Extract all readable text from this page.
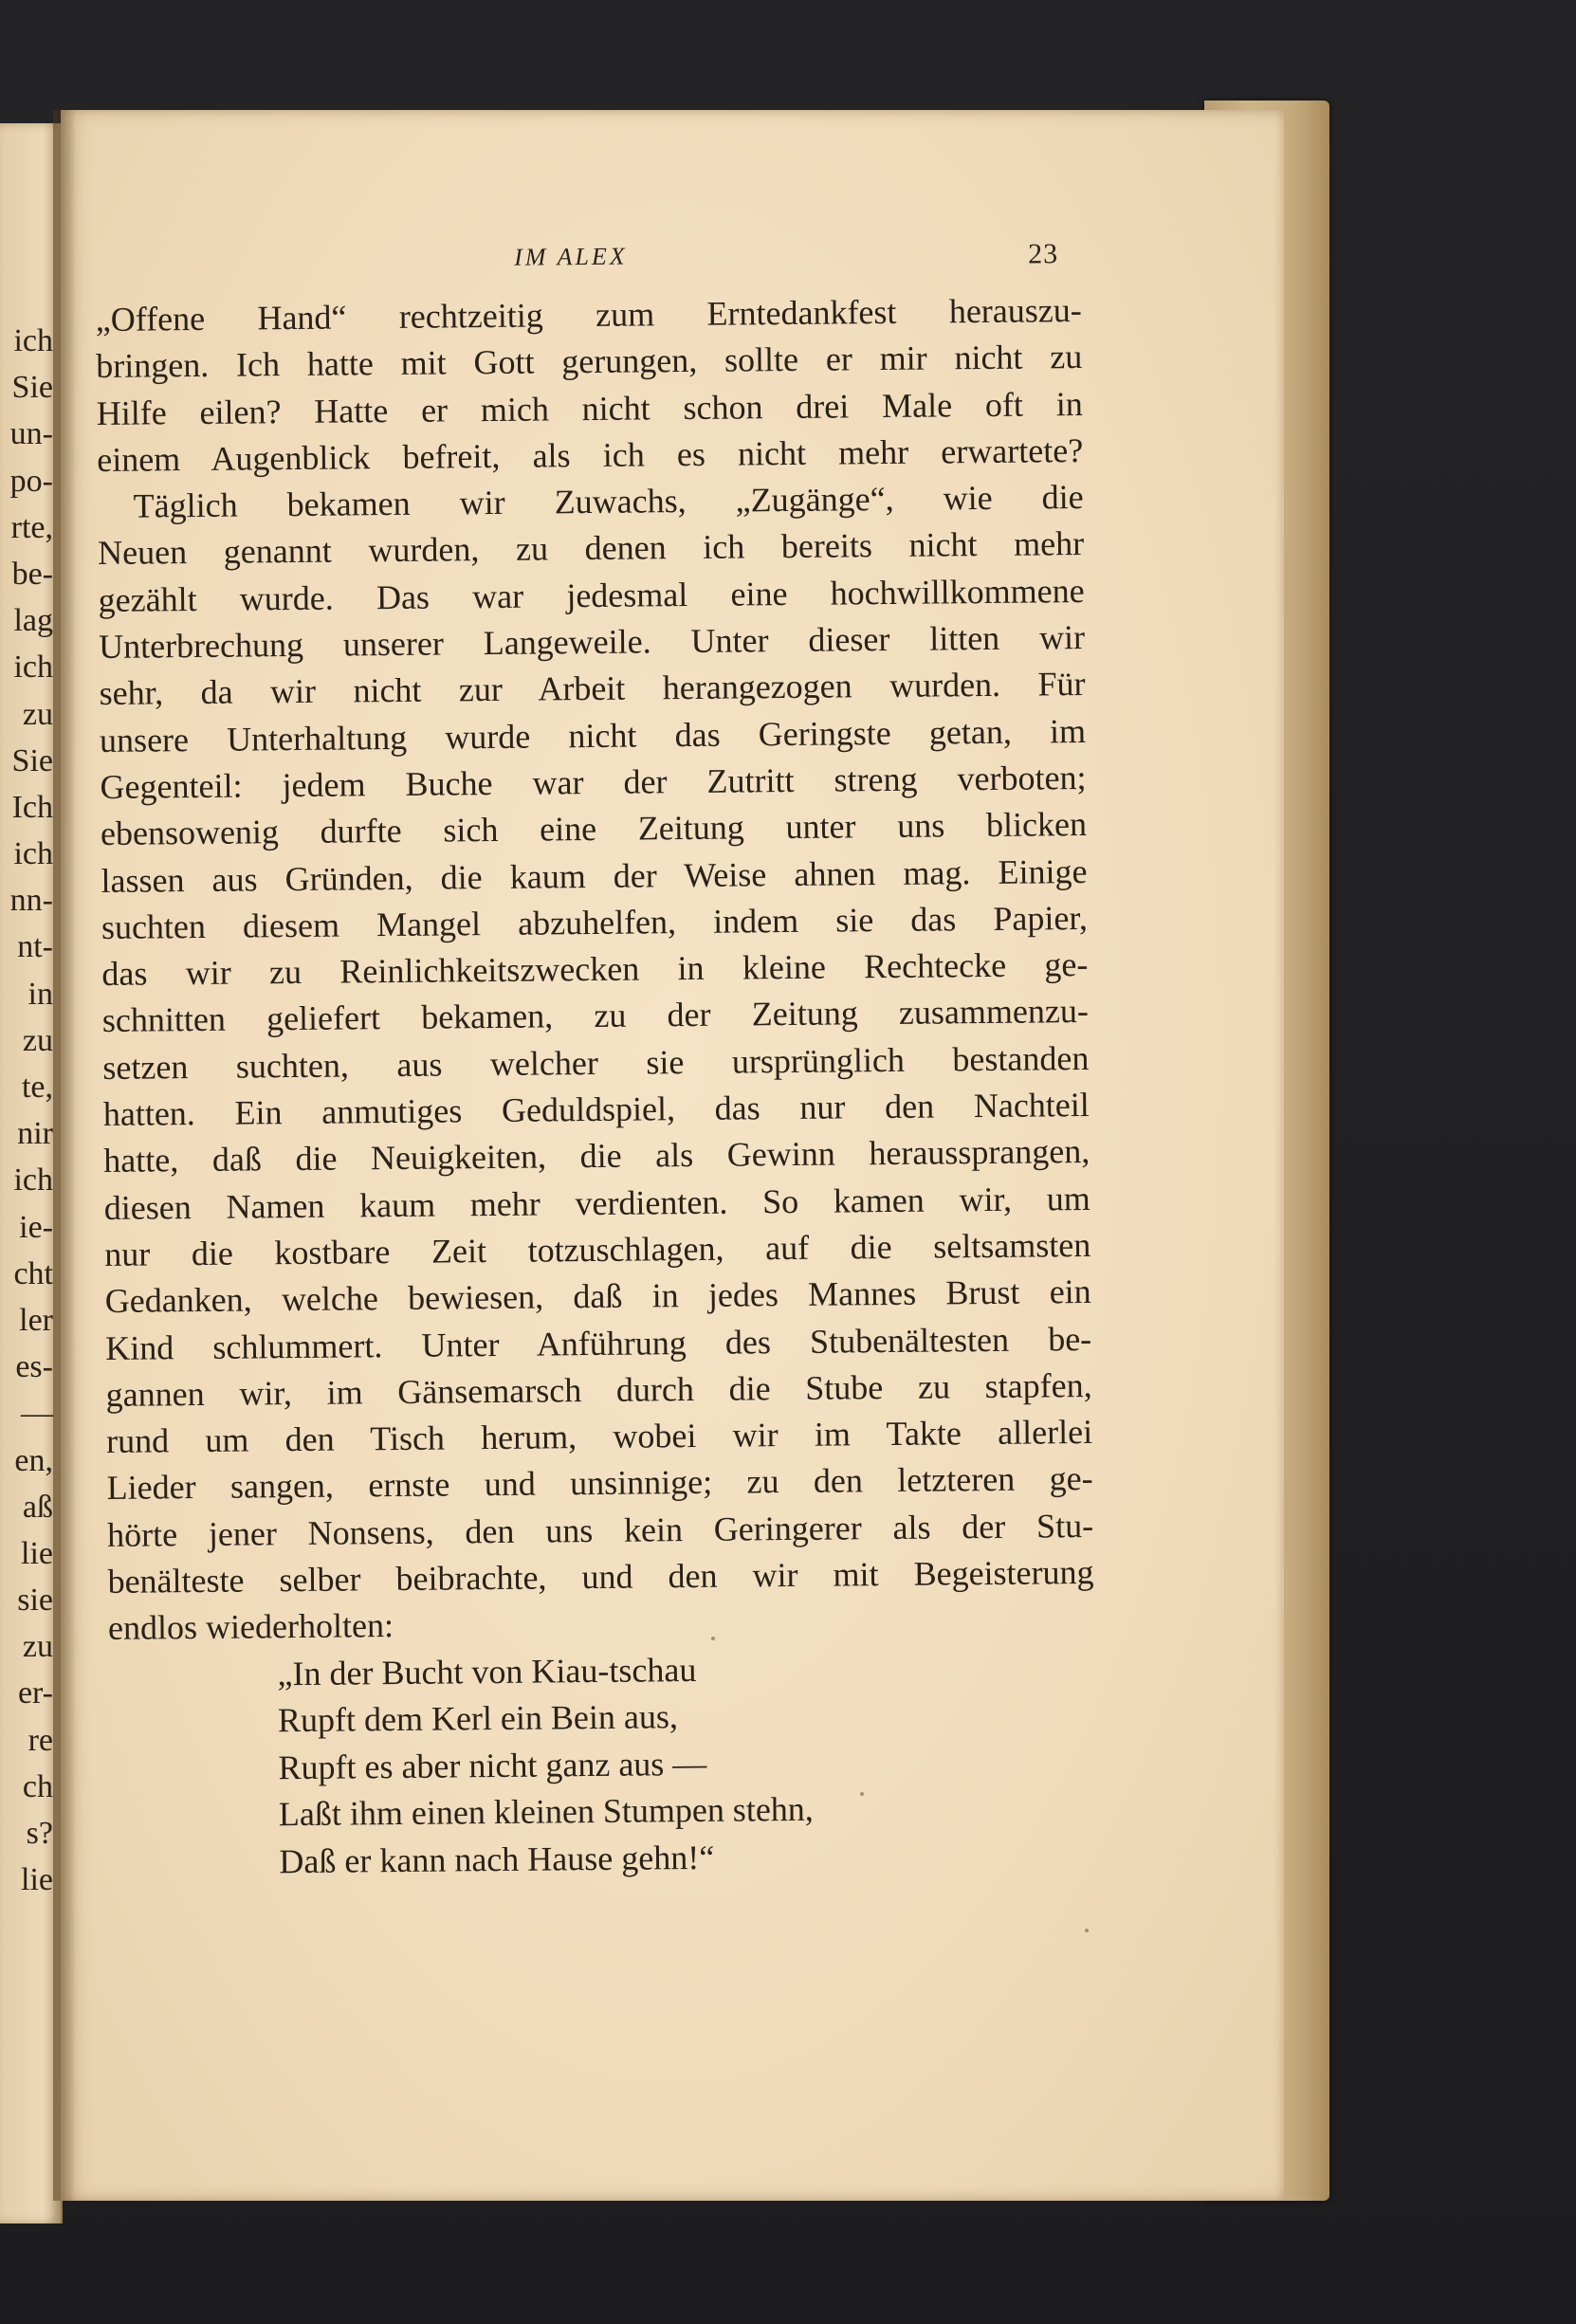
ich
Sie
un-
po-
rte,
be-
lag
ich
zu
Sie
Ich
ich
nn-
nt-
in
zu
te,
nir
ich
ie-
cht
ler
es-
—
en,
aß
lie
sie
zu
er-
re
ch
s?
lie
IM ALEX	23
„Offene Hand“ rechtzeitig zum Erntedankfest herauszu-
bringen. Ich hatte mit Gott gerungen, sollte er mir nicht zu
Hilfe eilen? Hatte er mich nicht schon drei Male oft in
einem Augenblick befreit, als ich es nicht mehr erwartete?
Täglich bekamen wir Zuwachs, „Zugänge“, wie die
Neuen genannt wurden, zu denen ich bereits nicht mehr
gezählt wurde. Das war jedesmal eine hochwillkommene
Unterbrechung unserer Langeweile. Unter dieser litten wir
sehr, da wir nicht zur Arbeit herangezogen wurden. Für
unsere Unterhaltung wurde nicht das Geringste getan, im
Gegenteil: jedem Buche war der Zutritt streng verboten;
ebensowenig durfte sich eine Zeitung unter uns blicken
lassen aus Gründen, die kaum der Weise ahnen mag. Einige
suchten diesem Mangel abzuhelfen, indem sie das Papier,
das wir zu Reinlichkeitszwecken in kleine Rechtecke ge-
schnitten geliefert bekamen, zu der Zeitung zusammenzu-
setzen suchten, aus welcher sie ursprünglich bestanden
hatten. Ein anmutiges Geduldspiel, das nur den Nachteil
hatte, daß die Neuigkeiten, die als Gewinn heraussprangen,
diesen Namen kaum mehr verdienten. So kamen wir, um
nur die kostbare Zeit totzuschlagen, auf die seltsamsten
Gedanken, welche bewiesen, daß in jedes Mannes Brust ein
Kind schlummert. Unter Anführung des Stubenältesten be-
gannen wir, im Gänsemarsch durch die Stube zu stapfen,
rund um den Tisch herum, wobei wir im Takte allerlei
Lieder sangen, ernste und unsinnige; zu den letzteren ge-
hörte jener Nonsens, den uns kein Geringerer als der Stu-
benälteste selber beibrachte, und den wir mit Begeisterung
endlos wiederholten:
„In der Bucht von Kiau-tschau
Rupft dem Kerl ein Bein aus,
Rupft es aber nicht ganz aus —
Laßt ihm einen kleinen Stumpen stehn,
Daß er kann nach Hause gehn!“
